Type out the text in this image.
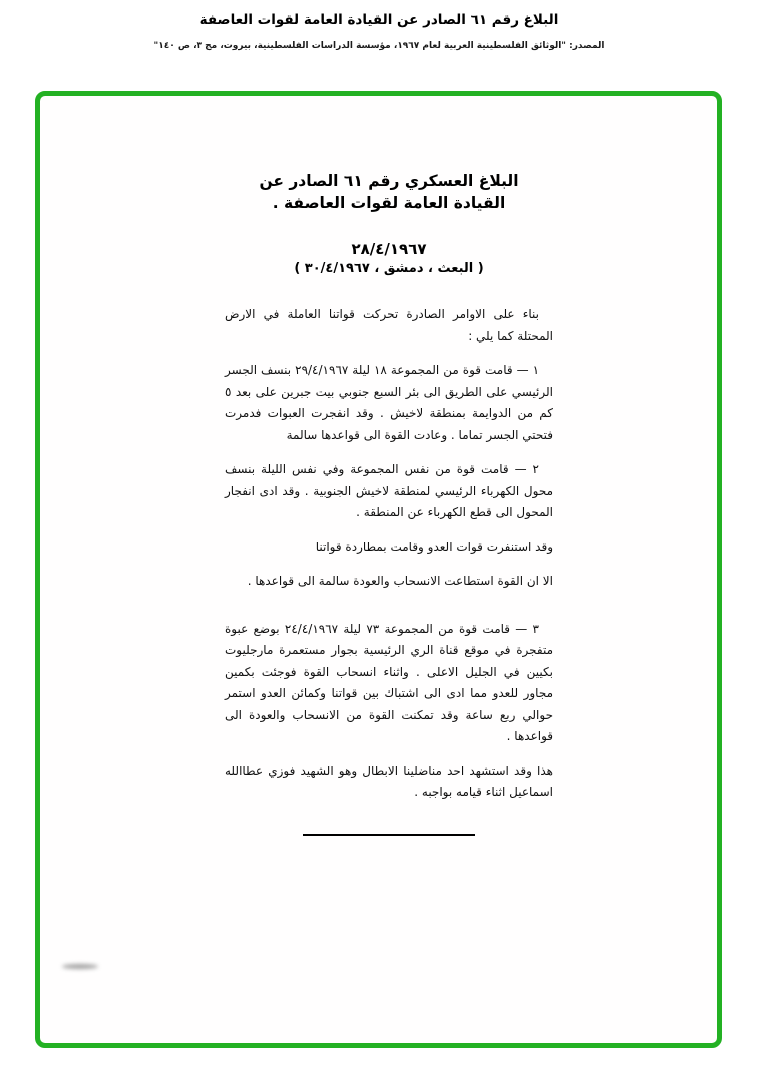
البلاغ رقم ٦١ الصادر عن القيادة العامة لقوات العاصفة
المصدر: "الوثائق الفلسطينية العربية لعام ١٩٦٧، مؤسسة الدراسات الفلسطينية، بيروت، مج ٣، ص ١٤٠"
البلاغ العسكري رقم ٦١ الصادر عن
القيادة العامة لقوات العاصفة .
٢٨/٤/١٩٦٧
( البعث ، دمشق ، ٣٠/٤/١٩٦٧ )

بناء على الاوامر الصادرة تحركت قواتنا العاملة في الارض المحتلة كما يلي :

١ — قامت قوة من المجموعة ١٨ ليلة ٢٩/٤/١٩٦٧ بنسف الجسر الرئيسي على الطريق الى بئر السبع جنوبي بيت جبرين على بعد ٥ كم من الدوايمة بمنطقة لاخيش . وقد انفجرت العبوات فدمرت فتحتي الجسر تماما . وعادت القوة الى قواعدها سالمة

٢ — قامت قوة من نفس المجموعة وفي نفس الليلة بنسف محول الكهرباء الرئيسي لمنطقة لاخيش الجنوبية . وقد ادى انفجار المحول الى قطع الكهرباء عن المنطقة .

وقد استنفرت قوات العدو وقامت بمطاردة قواتنا

الا ان القوة استطاعت الانسحاب والعودة سالمة الى قواعدها .

٣ — قامت قوة من المجموعة ٧٣ ليلة ٢٤/٤/١٩٦٧ بوضع عبوة متفجرة في موقع قناة الري الرئيسية بجوار مستعمرة مارجليوت بكيين في الجليل الاعلى . واثناء انسحاب القوة فوجئت بكمين مجاور للعدو مما ادى الى اشتباك بين قواتنا وكمائن العدو استمر حوالي ربع ساعة وقد تمكنت القوة من الانسحاب والعودة الى قواعدها .

هذا وقد استشهد احد مناضلينا الابطال وهو الشهيد فوزي عطاالله اسماعيل اثناء قيامه بواجبه .
